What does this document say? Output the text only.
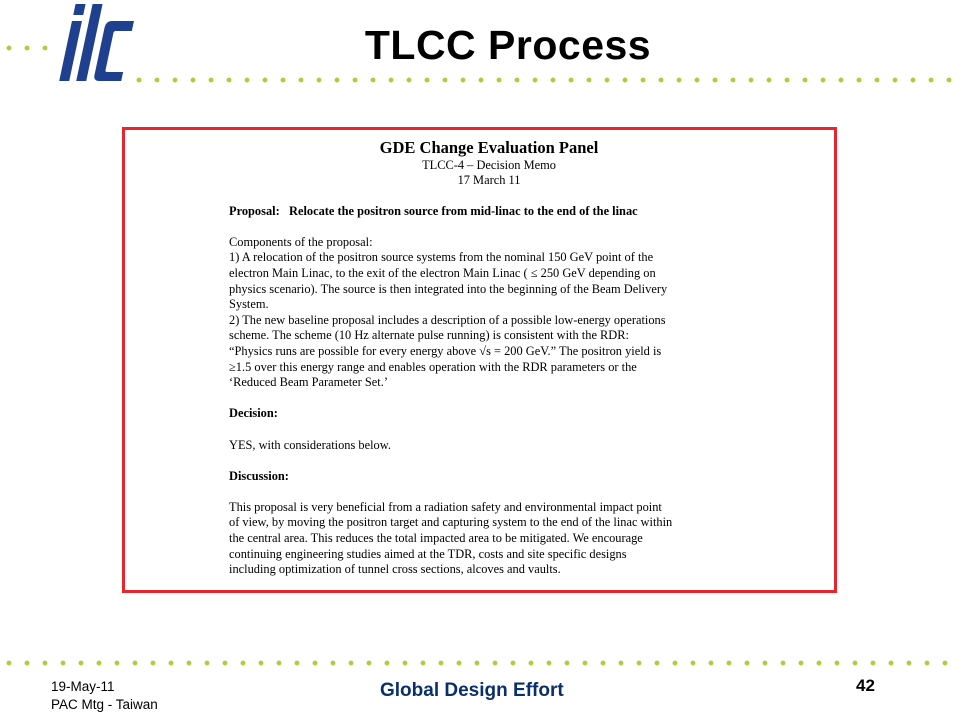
TLCC Process
GDE Change Evaluation Panel
TLCC-4 – Decision Memo
17 March 11

Proposal: Relocate the positron source from mid-linac to the end of the linac

Components of the proposal:

1) A relocation of the positron source systems from the nominal 150 GeV point of the

electron Main Linac, to the exit of the electron Main Linac ( ≤ 250 GeV depending on

physics scenario). The source is then integrated into the beginning of the Beam Delivery

System.

2) The new baseline proposal includes a description of a possible low-energy operations

scheme. The scheme (10 Hz alternate pulse running) is consistent with the RDR:

“Physics runs are possible for every energy above √s = 200 GeV.” The positron yield is

≥1.5 over this energy range and enables operation with the RDR parameters or the

‘Reduced Beam Parameter Set.’

Decision:

YES, with considerations below.

Discussion:

This proposal is very beneficial from a radiation safety and environmental impact point

of view, by moving the positron target and capturing system to the end of the linac within

the central area. This reduces the total impacted area to be mitigated. We encourage

continuing engineering studies aimed at the TDR, costs and site specific designs

including optimization of tunnel cross sections, alcoves and vaults.

19-May-11
PAC Mtg - Taiwan
Global Design Effort	42
